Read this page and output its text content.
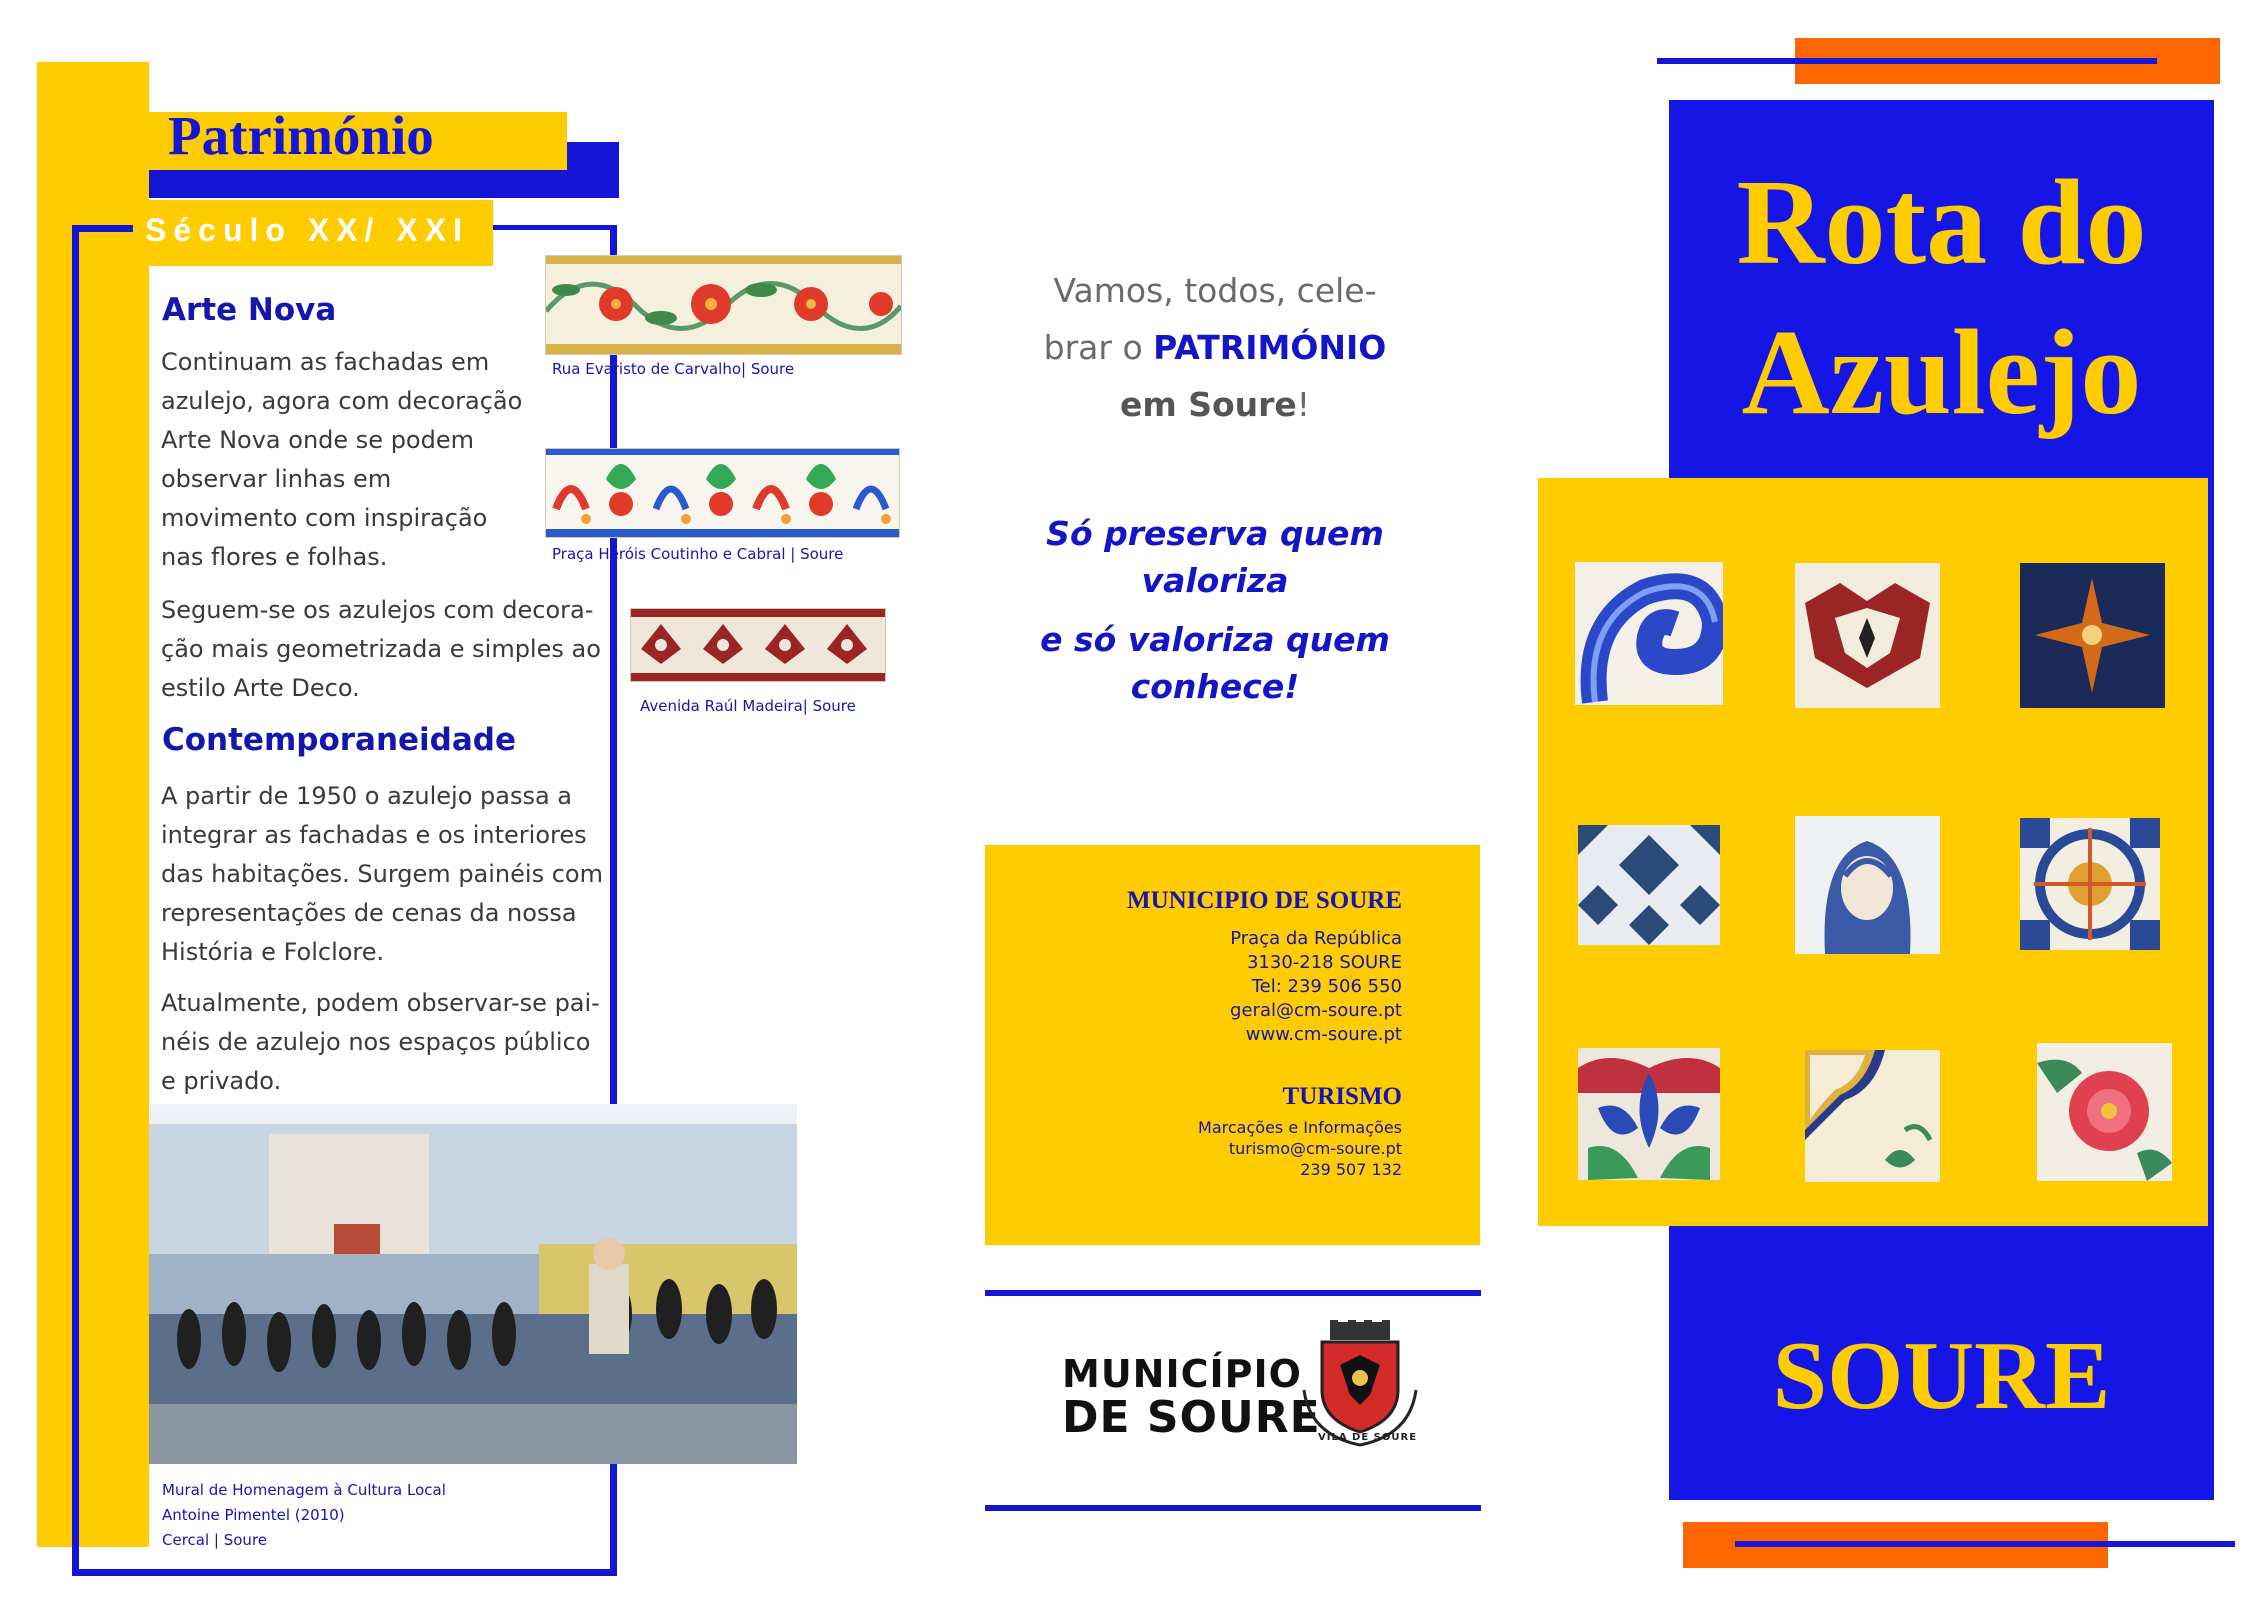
Património
Século XX/ XXI
Arte Nova

Continuam as fachadas em azulejo, agora com decoração Arte Nova onde se podem observar linhas em movimento com inspiração nas flores e folhas.

Seguem-se os azulejos com decora-ção mais geometrizada e simples ao estilo Arte Deco.

Contemporaneidade

A partir de 1950 o azulejo passa a integrar as fachadas e os interiores das habitações. Surgem painéis com representações de cenas da nossa História e Folclore.

Atualmente, podem observar-se pai-néis de azulejo nos espaços público e privado.

Rua Evaristo de Carvalho| Soure
Praça Heróis Coutinho e Cabral | Soure
Avenida Raúl Madeira| Soure
Mural de Homenagem à Cultura Local
Antoine Pimentel (2010)
Cercal | Soure
Vamos, todos, cele-
brar o PATRIMÓNIO
em Soure!
Só preserva quem
valoriza
e só valoriza quem
conhece!
MUNICIPIO DE SOURE
Praça da República
3130-218 SOURE
Tel: 239 506 550
geral@cm-soure.pt
www.cm-soure.pt
TURISMO
Marcações e Informações
turismo@cm-soure.pt
239 507 132
MUNICÍPIO
DE SOURE
VILA DE SOURE
Rota do
Azulejo
SOURE
